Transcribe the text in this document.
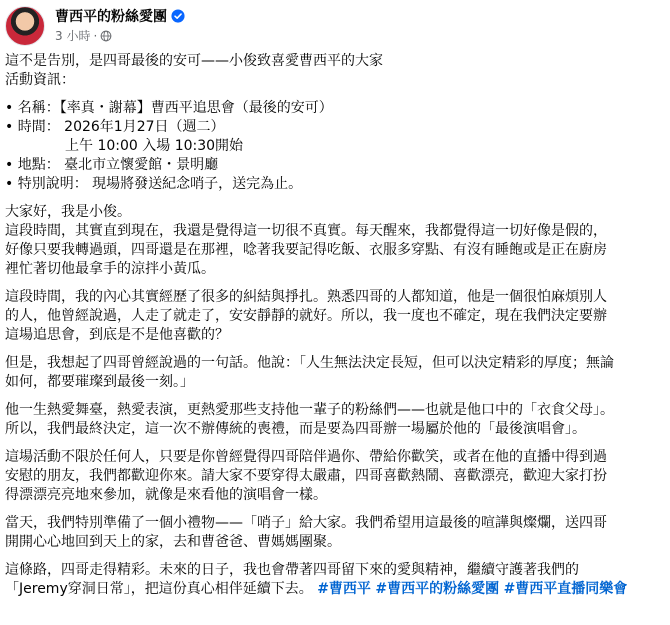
曹西平的粉絲愛團
3 小時 ·

這不是告別，是四哥最後的安可——小俊致喜愛曹西平的大家

活動資訊：

• 名稱：【率真・謝幕】曹西平追思會（最後的安可）

• 時間： 2026年1月27日（週二）

上午 10:00 入場 10:30開始

• 地點： 臺北市立懷愛館・景明廳

• 特別說明： 現場將發送紀念哨子，送完為止。

大家好，我是小俊。

這段時間，其實直到現在，我還是覺得這一切很不真實。每天醒來，我都覺得這一切好像是假的，

好像只要我轉過頭，四哥還是在那裡，唸著我要記得吃飯、衣服多穿點、有沒有睡飽或是正在廚房

裡忙著切他最拿手的涼拌小黃瓜。

這段時間，我的內心其實經歷了很多的糾結與掙扎。熟悉四哥的人都知道，他是一個很怕麻煩別人

的人，他曾經說過，人走了就走了，安安靜靜的就好。所以，我一度也不確定，現在我們決定要辦

這場追思會，到底是不是他喜歡的？

但是，我想起了四哥曾經說過的一句話。他說：「人生無法決定長短，但可以決定精彩的厚度；無論

如何，都要璀璨到最後一刻。」

他一生熱愛舞臺，熱愛表演，更熱愛那些支持他一輩子的粉絲們——也就是他口中的「衣食父母」。

所以，我們最終決定，這一次不辦傳統的喪禮，而是要為四哥辦一場屬於他的「最後演唱會」。

這場活動不限於任何人，只要是你曾經覺得四哥陪伴過你、帶給你歡笑，或者在他的直播中得到過

安慰的朋友，我們都歡迎你來。請大家不要穿得太嚴肅，四哥喜歡熱鬧、喜歡漂亮，歡迎大家打扮

得漂漂亮亮地來參加，就像是來看他的演唱會一樣。

當天，我們特別準備了一個小禮物——「哨子」給大家。我們希望用這最後的喧譁與燦爛，送四哥

開開心心地回到天上的家，去和曹爸爸、曹媽媽團聚。

這條路，四哥走得精彩。未來的日子，我也會帶著四哥留下來的愛與精神，繼續守護著我們的

「Jeremy穿洞日常」，把這份真心相伴延續下去。 #曹西平 #曹西平的粉絲愛團 #曹西平直播同樂會
